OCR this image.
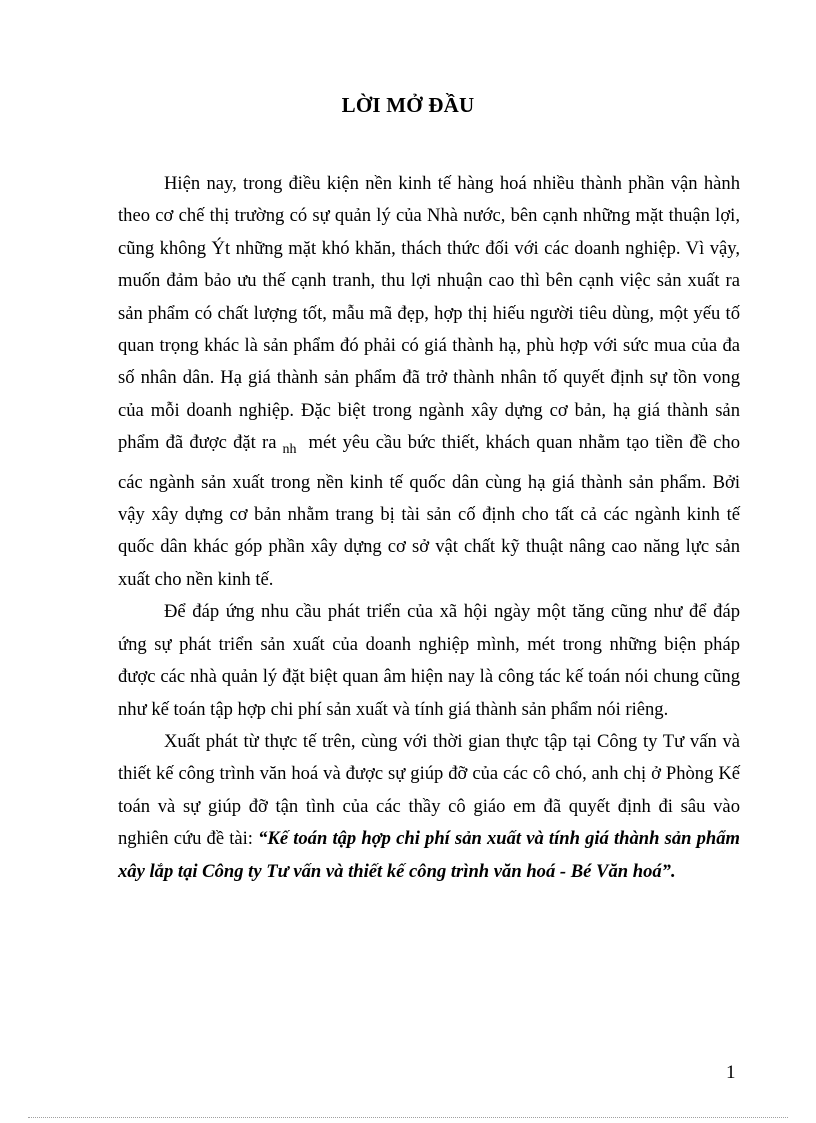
LỜI MỞ ĐẦU

Hiện nay, trong điều kiện nền kinh tế hàng hoá nhiều thành phần vận hành theo cơ chế thị trường có sự quản lý của Nhà nước, bên cạnh những mặt thuận lợi, cũng không Ýt những mặt khó khăn, thách thức đối với các doanh nghiệp. Vì vậy, muốn đảm bảo ưu thế cạnh tranh, thu lợi nhuận cao thì bên cạnh việc sản xuất ra sản phẩm có chất lượng tốt, mẫu mã đẹp, hợp thị hiếu người tiêu dùng, một yếu tố quan trọng khác là sản phẩm đó phải có giá thành hạ, phù hợp với sức mua của đa số nhân dân. Hạ giá thành sản phẩm đã trở thành nhân tố quyết định sự tồn vong của mỗi doanh nghiệp. Đặc biệt trong ngành xây dựng cơ bản, hạ giá thành sản phẩm đã được đặt ra $_{nh}$ mét yêu cầu bức thiết, khách quan nhằm tạo tiền đề cho các ngành sản xuất trong nền kinh tế quốc dân cùng hạ giá thành sản phẩm. Bởi vậy xây dựng cơ bản nhằm trang bị tài sản cố định cho tất cả các ngành kinh tế quốc dân khác góp phần xây dựng cơ sở vật chất kỹ thuật nâng cao năng lực sản xuất cho nền kinh tế.

Để đáp ứng nhu cầu phát triển của xã hội ngày một tăng cũng như để đáp ứng sự phát triển sản xuất của doanh nghiệp mình, mét trong những biện pháp được các nhà quản lý đặt biệt quan âm hiện nay là công tác kế toán nói chung cũng như kế toán tập hợp chi phí sản xuất và tính giá thành sản phẩm nói riêng.

Xuất phát từ thực tế trên, cùng với thời gian thực tập tại Công ty Tư vấn và thiết kế công trình văn hoá và được sự giúp đỡ của các cô chó, anh chị ở Phòng Kế toán và sự giúp đỡ tận tình của các thầy cô giáo em đã quyết định đi sâu vào nghiên cứu đề tài: “Kế toán tập hợp chi phí sản xuất và tính giá thành sản phẩm xây lắp tại Công ty Tư vấn và thiết kế công trình văn hoá - Bé Văn hoá”.

1
